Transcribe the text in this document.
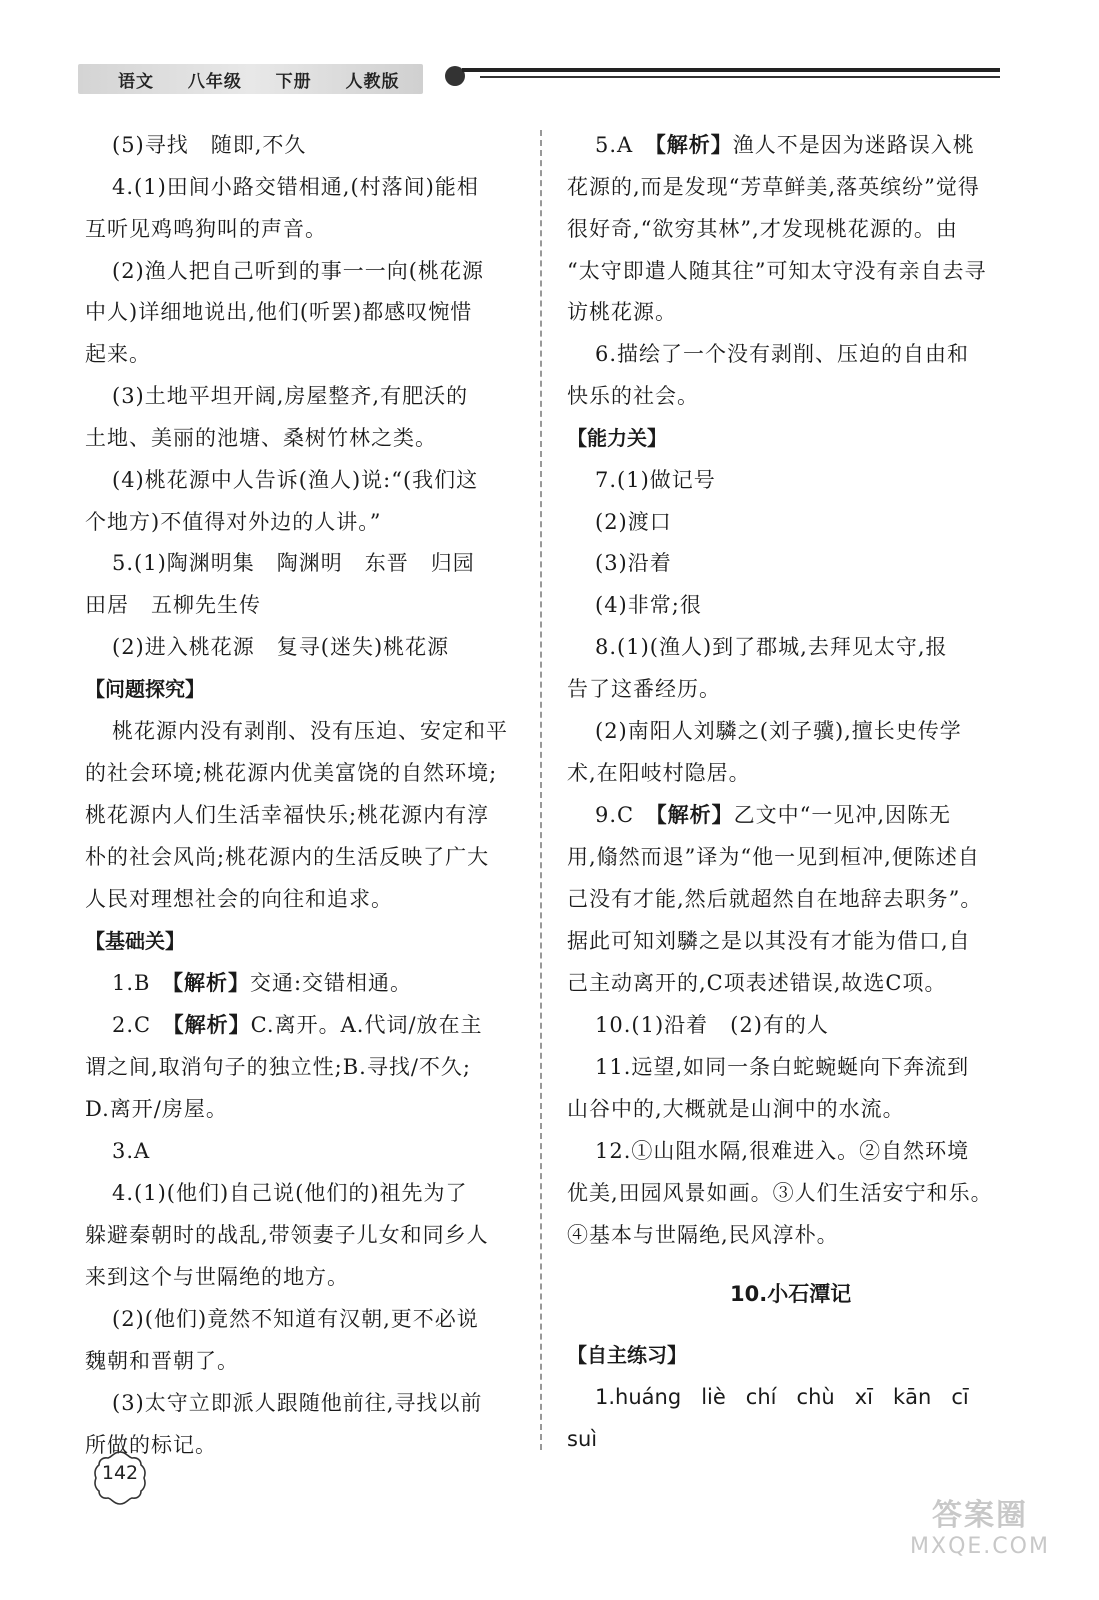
语文  八年级  下册  人教版
(5)寻找　随即,不久
4.(1)田间小路交错相通,(村落间)能相
互听见鸡鸣狗叫的声音。
(2)渔人把自己听到的事一一向(桃花源
中人)详细地说出,他们(听罢)都感叹惋惜
起来。
(3)土地平坦开阔,房屋整齐,有肥沃的
土地、美丽的池塘、桑树竹林之类。
(4)桃花源中人告诉(渔人)说:“(我们这
个地方)不值得对外边的人讲。”
5.(1)陶渊明集　陶渊明　东晋　归园
田居　五柳先生传
(2)进入桃花源　复寻(迷失)桃花源
【问题探究】
桃花源内没有剥削、没有压迫、安定和平
的社会环境;桃花源内优美富饶的自然环境;
桃花源内人们生活幸福快乐;桃花源内有淳
朴的社会风尚;桃花源内的生活反映了广大
人民对理想社会的向往和追求。
【基础关】
1.B　【解析】交通:交错相通。
2.C　【解析】C.离开。A.代词/放在主
谓之间,取消句子的独立性;B.寻找/不久;
D.离开/房屋。
3.A
4.(1)(他们)自己说(他们的)祖先为了
躲避秦朝时的战乱,带领妻子儿女和同乡人
来到这个与世隔绝的地方。
(2)(他们)竟然不知道有汉朝,更不必说
魏朝和晋朝了。
(3)太守立即派人跟随他前往,寻找以前
所做的标记。
5.A　【解析】渔人不是因为迷路误入桃
花源的,而是发现“芳草鲜美,落英缤纷”觉得
很好奇,“欲穷其林”,才发现桃花源的。由
“太守即遣人随其往”可知太守没有亲自去寻
访桃花源。
6.描绘了一个没有剥削、压迫的自由和
快乐的社会。
【能力关】
7.(1)做记号
(2)渡口
(3)沿着
(4)非常;很
8.(1)(渔人)到了郡城,去拜见太守,报
告了这番经历。
(2)南阳人刘驎之(刘子骥),擅长史传学
术,在阳岐村隐居。
9.C　【解析】乙文中“一见冲,因陈无
用,翛然而退”译为“他一见到桓冲,便陈述自
己没有才能,然后就超然自在地辞去职务”。
据此可知刘驎之是以其没有才能为借口,自
己主动离开的,C项表述错误,故选C项。
10.(1)沿着　(2)有的人
11.远望,如同一条白蛇蜿蜒向下奔流到
山谷中的,大概就是山涧中的水流。
12.①山阻水隔,很难进入。②自然环境
优美,田园风景如画。③人们生活安宁和乐。
④基本与世隔绝,民风淳朴。
10.小石潭记
【自主练习】
1.huáng   liè   chí   chù   xī   kān   cī
suì
142
答案圈
MXQE.COM
